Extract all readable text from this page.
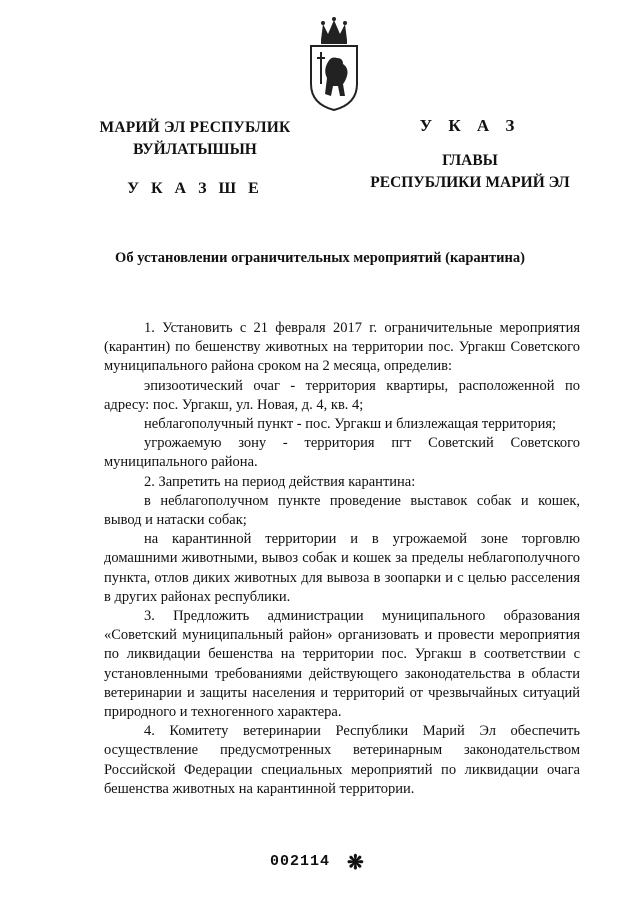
МАРИЙ ЭЛ РЕСПУБЛИК
ВУЙЛАТЫШЫН
У К А З Ш Е
У К А З
ГЛАВЫ
РЕСПУБЛИКИ МАРИЙ ЭЛ
Об установлении ограничительных мероприятий (карантина)

1. Установить с 21 февраля 2017 г. ограничительные мероприятия (карантин) по бешенству животных на территории пос. Ургакш Советского муниципального района сроком на 2 месяца, определив:

эпизоотический очаг - территория квартиры, расположенной по адресу: пос. Ургакш, ул. Новая, д. 4, кв. 4;

неблагополучный пункт - пос. Ургакш и близлежащая территория;

угрожаемую зону - территория пгт Советский Советского муниципального района.

2. Запретить на период действия карантина:

в неблагополучном пункте проведение выставок собак и кошек, вывод и натаски собак;

на карантинной территории и в угрожаемой зоне торговлю домашними животными, вывоз собак и кошек за пределы неблагополучного пункта, отлов диких животных для вывоза в зоопарки и с целью расселения в других районах республики.

3. Предложить администрации муниципального образования «Советский муниципальный район» организовать и провести мероприятия по ликвидации бешенства на территории пос. Ургакш в соответствии с установленными требованиями действующего законодательства в области ветеринарии и защиты населения и территорий от чрезвычайных ситуаций природного и техногенного характера.

4. Комитету ветеринарии Республики Марий Эл обеспечить осуществление предусмотренных ветеринарным законодательством Российской Федерации специальных мероприятий по ликвидации очага бешенства животных на карантинной территории.

002114 ❋
